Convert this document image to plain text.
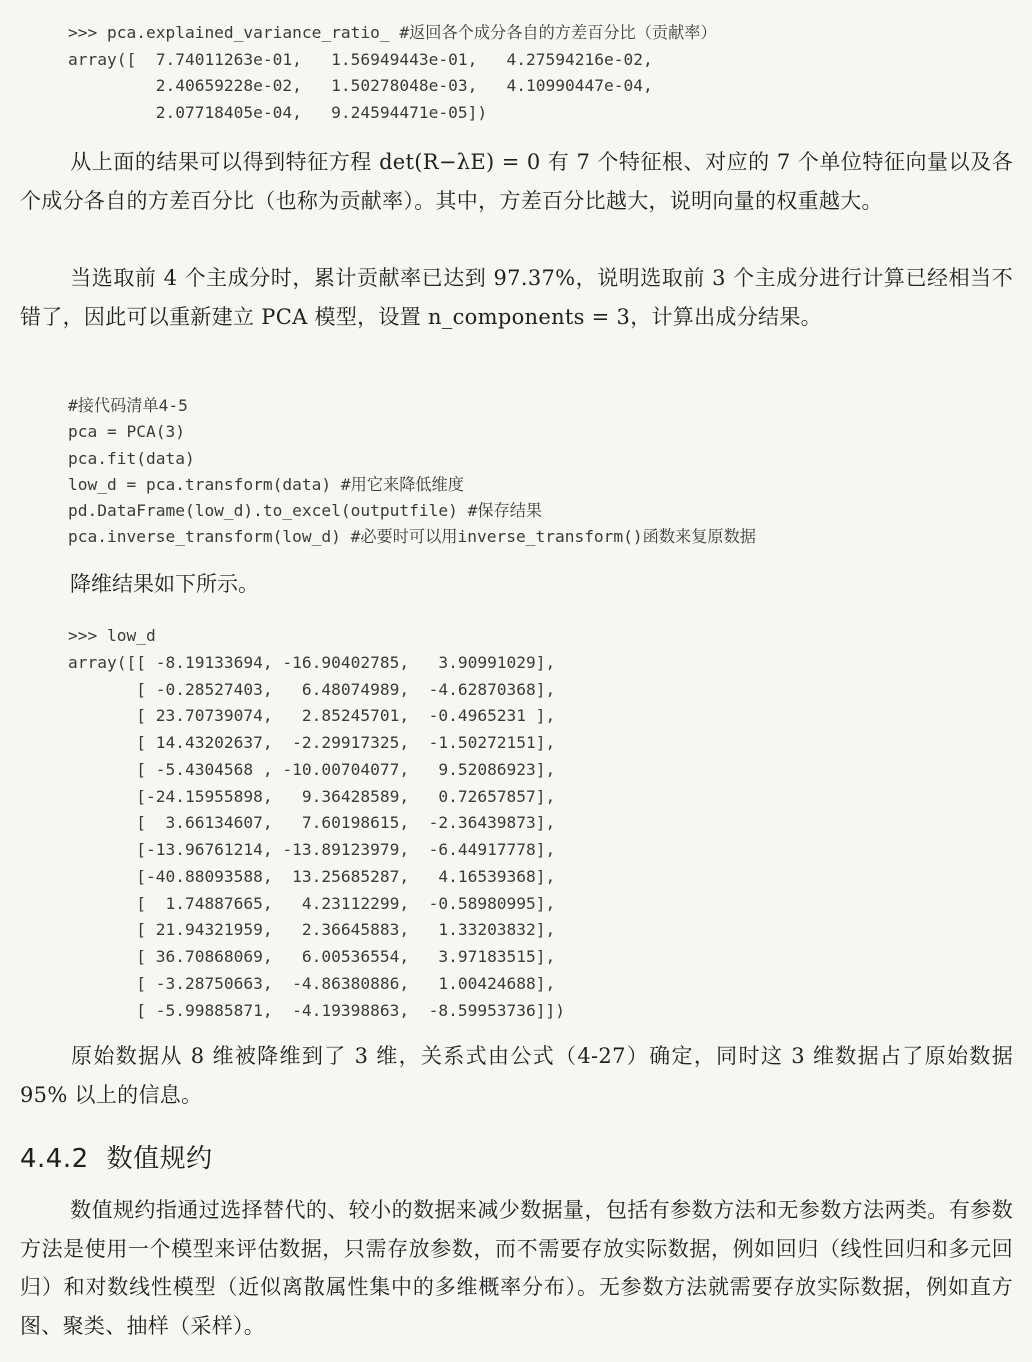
>>> pca.explained_variance_ratio_ #返回各个成分各自的方差百分比（贡献率）
array([  7.74011263e-01,   1.56949443e-01,   4.27594216e-02,
2.40659228e-02,   1.50278048e-03,   4.10990447e-04,
2.07718405e-04,   9.24594471e-05])

从上面的结果可以得到特征方程 det(R−λE) = 0 有 7 个特征根、对应的 7 个单位特征向量以及各个成分各自的方差百分比（也称为贡献率）。其中，方差百分比越大，说明向量的权重越大。

当选取前 4 个主成分时，累计贡献率已达到 97.37%，说明选取前 3 个主成分进行计算已经相当不错了，因此可以重新建立 PCA 模型，设置 n_components = 3，计算出成分结果。

#接代码清单4-5
pca = PCA(3)
pca.fit(data)
low_d = pca.transform(data) #用它来降低维度
pd.DataFrame(low_d).to_excel(outputfile) #保存结果
pca.inverse_transform(low_d) #必要时可以用inverse_transform()函数来复原数据

降维结果如下所示。

>>> low_d
array([[ -8.19133694, -16.90402785,   3.90991029],
[ -0.28527403,   6.48074989,  -4.62870368],
[ 23.70739074,   2.85245701,  -0.4965231 ],
[ 14.43202637,  -2.29917325,  -1.50272151],
[ -5.4304568 , -10.00704077,   9.52086923],
[-24.15955898,   9.36428589,   0.72657857],
[  3.66134607,   7.60198615,  -2.36439873],
[-13.96761214, -13.89123979,  -6.44917778],
[-40.88093588,  13.25685287,   4.16539368],
[  1.74887665,   4.23112299,  -0.58980995],
[ 21.94321959,   2.36645883,   1.33203832],
[ 36.70868069,   6.00536554,   3.97183515],
[ -3.28750663,  -4.86380886,   1.00424688],
[ -5.99885871,  -4.19398863,  -8.59953736]])

原始数据从 8 维被降维到了 3 维，关系式由公式（4-27）确定，同时这 3 维数据占了原始数据 95% 以上的信息。

4.4.2 数值规约

数值规约指通过选择替代的、较小的数据来减少数据量，包括有参数方法和无参数方法两类。有参数方法是使用一个模型来评估数据，只需存放参数，而不需要存放实际数据，例如回归（线性回归和多元回归）和对数线性模型（近似离散属性集中的多维概率分布）。无参数方法就需要存放实际数据，例如直方图、聚类、抽样（采样）。
